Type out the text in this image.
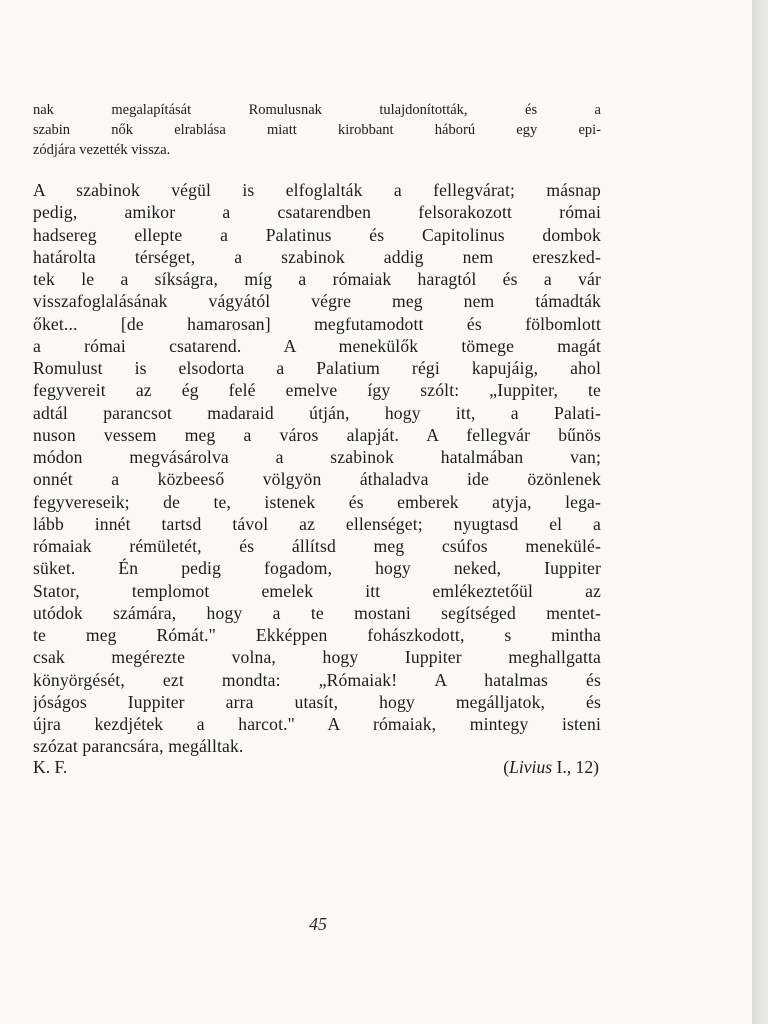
nak megalapítását Romulusnak tulajdonították, és a
szabin nők elrablása miatt kirobbant háború egy epi-
zódjára vezették vissza.
A szabinok végül is elfoglalták a fellegvárat; másnap
pedig, amikor a csatarendben felsorakozott római
hadsereg ellepte a Palatinus és Capitolinus dombok
határolta térséget, a szabinok addig nem ereszked-
tek le a síkságra, míg a rómaiak haragtól és a vár
visszafoglalásának vágyától végre meg nem támadták
őket... [de hamarosan] megfutamodott és fölbomlott
a római csatarend. A menekülők tömege magát
Romulust is elsodorta a Palatium régi kapujáig, ahol
fegyvereit az ég felé emelve így szólt: „Iuppiter, te
adtál parancsot madaraid útján, hogy itt, a Palati-
nuson vessem meg a város alapját. A fellegvár bűnös
módon megvásárolva a szabinok hatalmában van;
onnét a közbeeső völgyön áthaladva ide özönlenek
fegyvereseik; de te, istenek és emberek atyja, lega-
lább innét tartsd távol az ellenséget; nyugtasd el a
rómaiak rémületét, és állítsd meg csúfos menekülé-
süket. Én pedig fogadom, hogy neked, Iuppiter
Stator, templomot emelek itt emlékeztetőül az
utódok számára, hogy a te mostani segítséged mentet-
te meg Rómát." Ekképpen fohászkodott, s mintha
csak megérezte volna, hogy Iuppiter meghallgatta
könyörgését, ezt mondta: „Rómaiak! A hatalmas és
jóságos Iuppiter arra utasít, hogy megálljatok, és
újra kezdjétek a harcot." A rómaiak, mintegy isteni
szózat parancsára, megálltak.
K. F.	(Livius I., 12)
45
